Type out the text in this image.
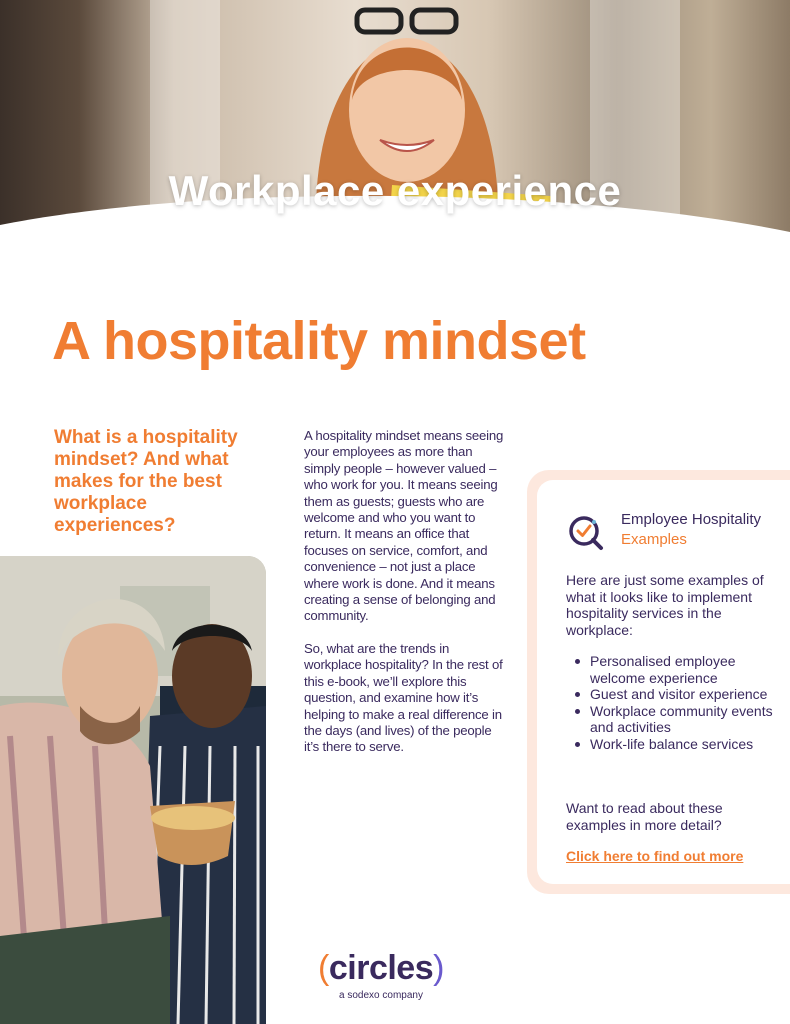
Workplace experience
A hospitality mindset
What is a hospitality mindset? And what makes for the best workplace experiences?

A hospitality mindset means seeing your employees as more than simply people – however valued – who work for you. It means seeing them as guests; guests who are welcome and who you want to return. It means an office that focuses on service, comfort, and convenience – not just a place where work is done. And it means creating a sense of belonging and community.

So, what are the trends in workplace hospitality? In the rest of this e-book, we’ll explore this question, and examine how it’s helping to make a real difference in the days (and lives) of the people it’s there to serve.

Employee Hospitality
Examples

Here are just some examples of what it looks like to implement hospitality services in the workplace:

Personalised employee welcome experience
Guest and visitor experience
Workplace community events and activities
Work-life balance services

Want to read about these examples in more detail?

Click here to find out more
(circles)
a sodexo company
